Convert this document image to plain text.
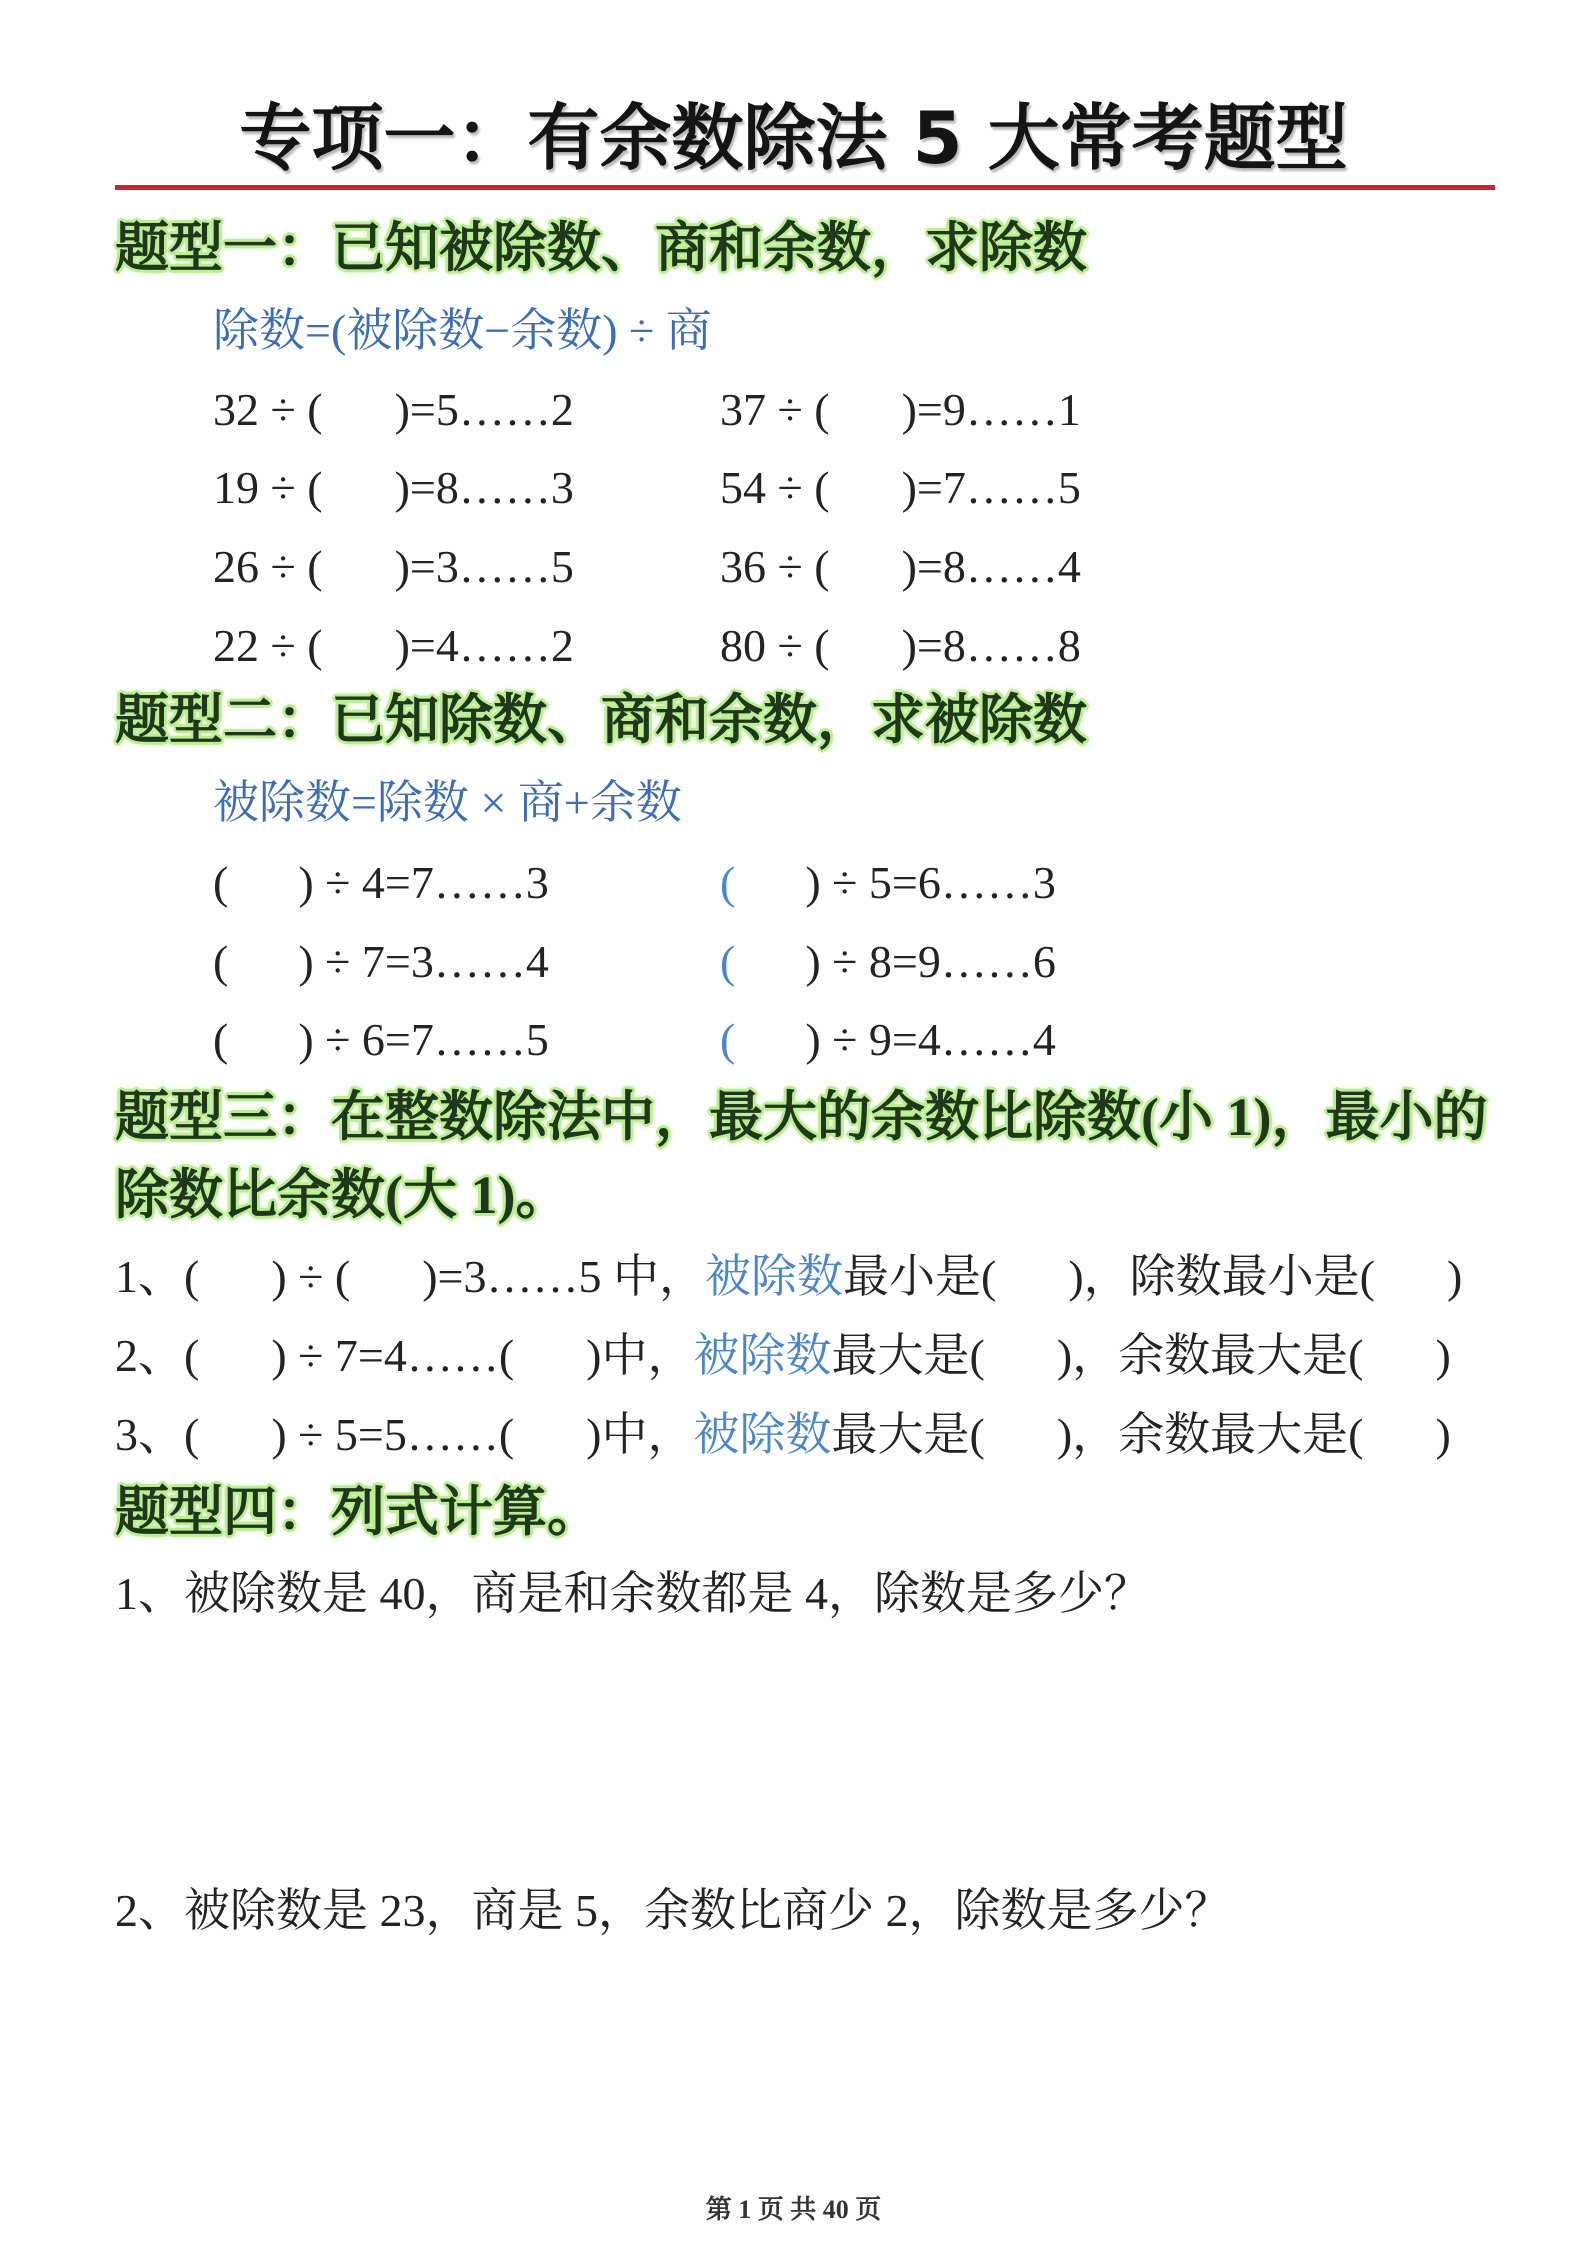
专项一：有余数除法 5 大常考题型
题型一：已知被除数、商和余数，求除数
除数=(被除数−余数) ÷ 商
32 ÷ ( )=5……2	37 ÷ ( )=9……1
19 ÷ ( )=8……3	54 ÷ ( )=7……5
26 ÷ ( )=3……5	36 ÷ ( )=8……4
22 ÷ ( )=4……2	80 ÷ ( )=8……8
题型二：已知除数、商和余数，求被除数
被除数=除数 × 商+余数
( ) ÷ 4=7……3	( ) ÷ 5=6……3
( ) ÷ 7=3……4	( ) ÷ 8=9……6
( ) ÷ 6=7……5	( ) ÷ 9=4……4
题型三：在整数除法中，最大的余数比除数(小 1)，最小的
除数比余数(大 1)。
1、( ) ÷ ( )=3……5 中，被除数最小是( )，除数最小是( )
2、( ) ÷ 7=4……( )中，被除数最大是( )，余数最大是( )
3、( ) ÷ 5=5……( )中，被除数最大是( )，余数最大是( )
题型四：列式计算。
1、被除数是 40，商是和余数都是 4，除数是多少？
2、被除数是 23，商是 5，余数比商少 2，除数是多少？
第 1 页 共 40 页
